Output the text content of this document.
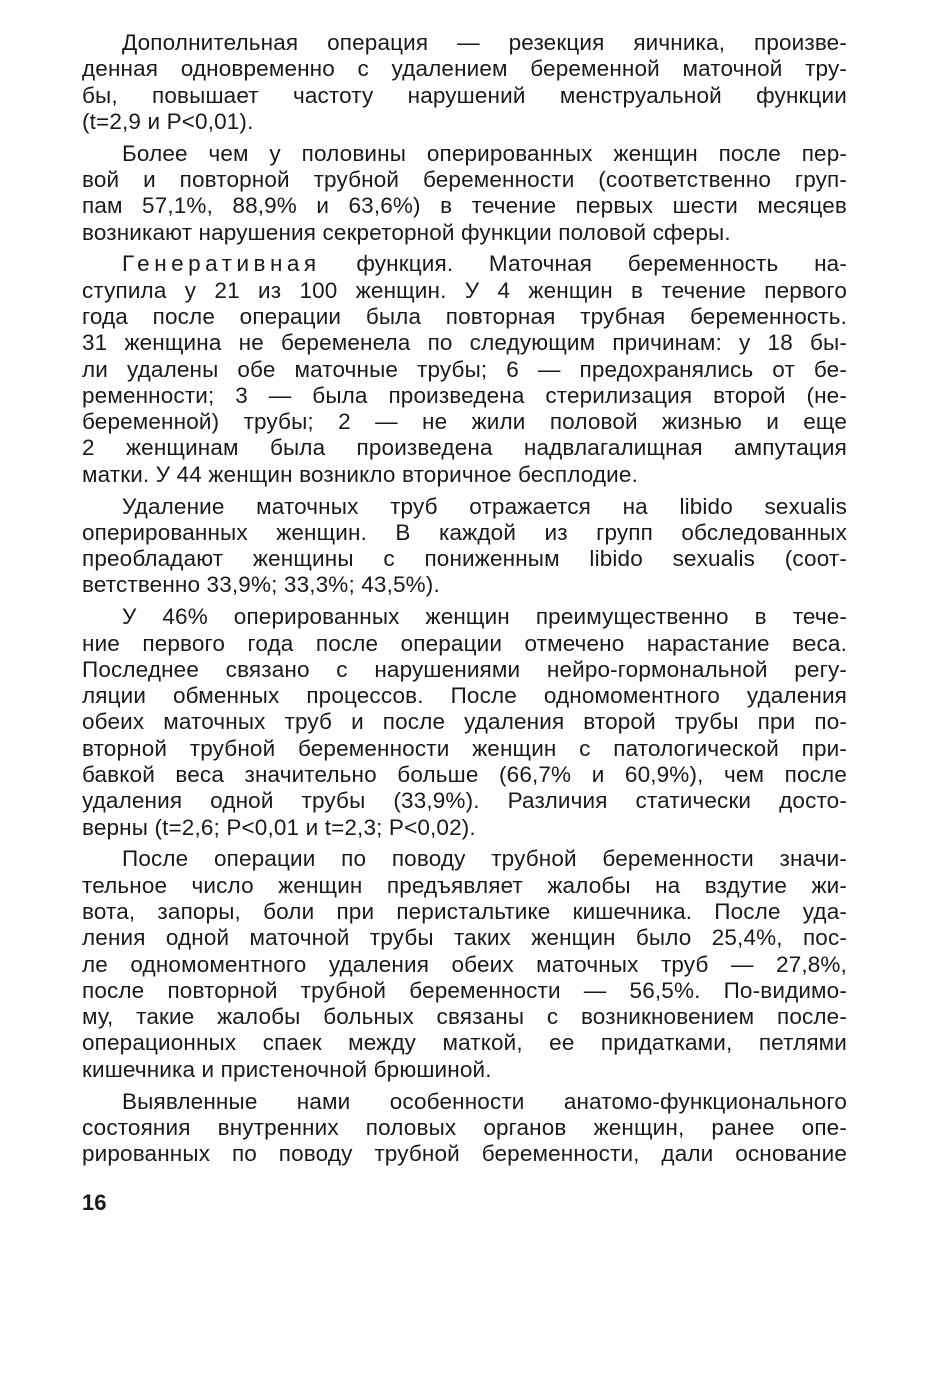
Дополнительная операция — резекция яичника, произве-
денная одновременно с удалением беременной маточной тру-
бы, повышает частоту нарушений менструальной функции
(t=2,9 и P<0,01).
Более чем у половины оперированных женщин после пер-
вой и повторной трубной беременности (соответственно груп-
пам 57,1%, 88,9% и 63,6%) в течение первых шести месяцев
возникают нарушения секреторной функции половой сферы.
Генеративная функция. Маточная беременность на-
ступила у 21 из 100 женщин. У 4 женщин в течение первого
года после операции была повторная трубная беременность.
31 женщина не беременела по следующим причинам: у 18 бы-
ли удалены обе маточные трубы; 6 — предохранялись от бе-
ременности; 3 — была произведена стерилизация второй (не-
беременной) трубы; 2 — не жили половой жизнью и еще
2 женщинам была произведена надвлагалищная ампутация
матки. У 44 женщин возникло вторичное бесплодие.
Удаление маточных труб отражается на libido sexualis
оперированных женщин. В каждой из групп обследованных
преобладают женщины с пониженным libido sexualis (соот-
ветственно 33,9%; 33,3%; 43,5%).
У 46% оперированных женщин преимущественно в тече-
ние первого года после операции отмечено нарастание веса.
Последнее связано с нарушениями нейро-гормональной регу-
ляции обменных процессов. После одномоментного удаления
обеих маточных труб и после удаления второй трубы при по-
вторной трубной беременности женщин с патологической при-
бавкой веса значительно больше (66,7% и 60,9%), чем после
удаления одной трубы (33,9%). Различия статически досто-
верны (t=2,6; P<0,01 и t=2,3; P<0,02).
После операции по поводу трубной беременности значи-
тельное число женщин предъявляет жалобы на вздутие жи-
вота, запоры, боли при перистальтике кишечника. После уда-
ления одной маточной трубы таких женщин было 25,4%, пос-
ле одномоментного удаления обеих маточных труб — 27,8%,
после повторной трубной беременности — 56,5%. По-видимо-
му, такие жалобы больных связаны с возникновением после-
операционных спаек между маткой, ее придатками, петлями
кишечника и пристеночной брюшиной.
Выявленные нами особенности анатомо-функционального
состояния внутренних половых органов женщин, ранее опе-
рированных по поводу трубной беременности, дали основание
16
